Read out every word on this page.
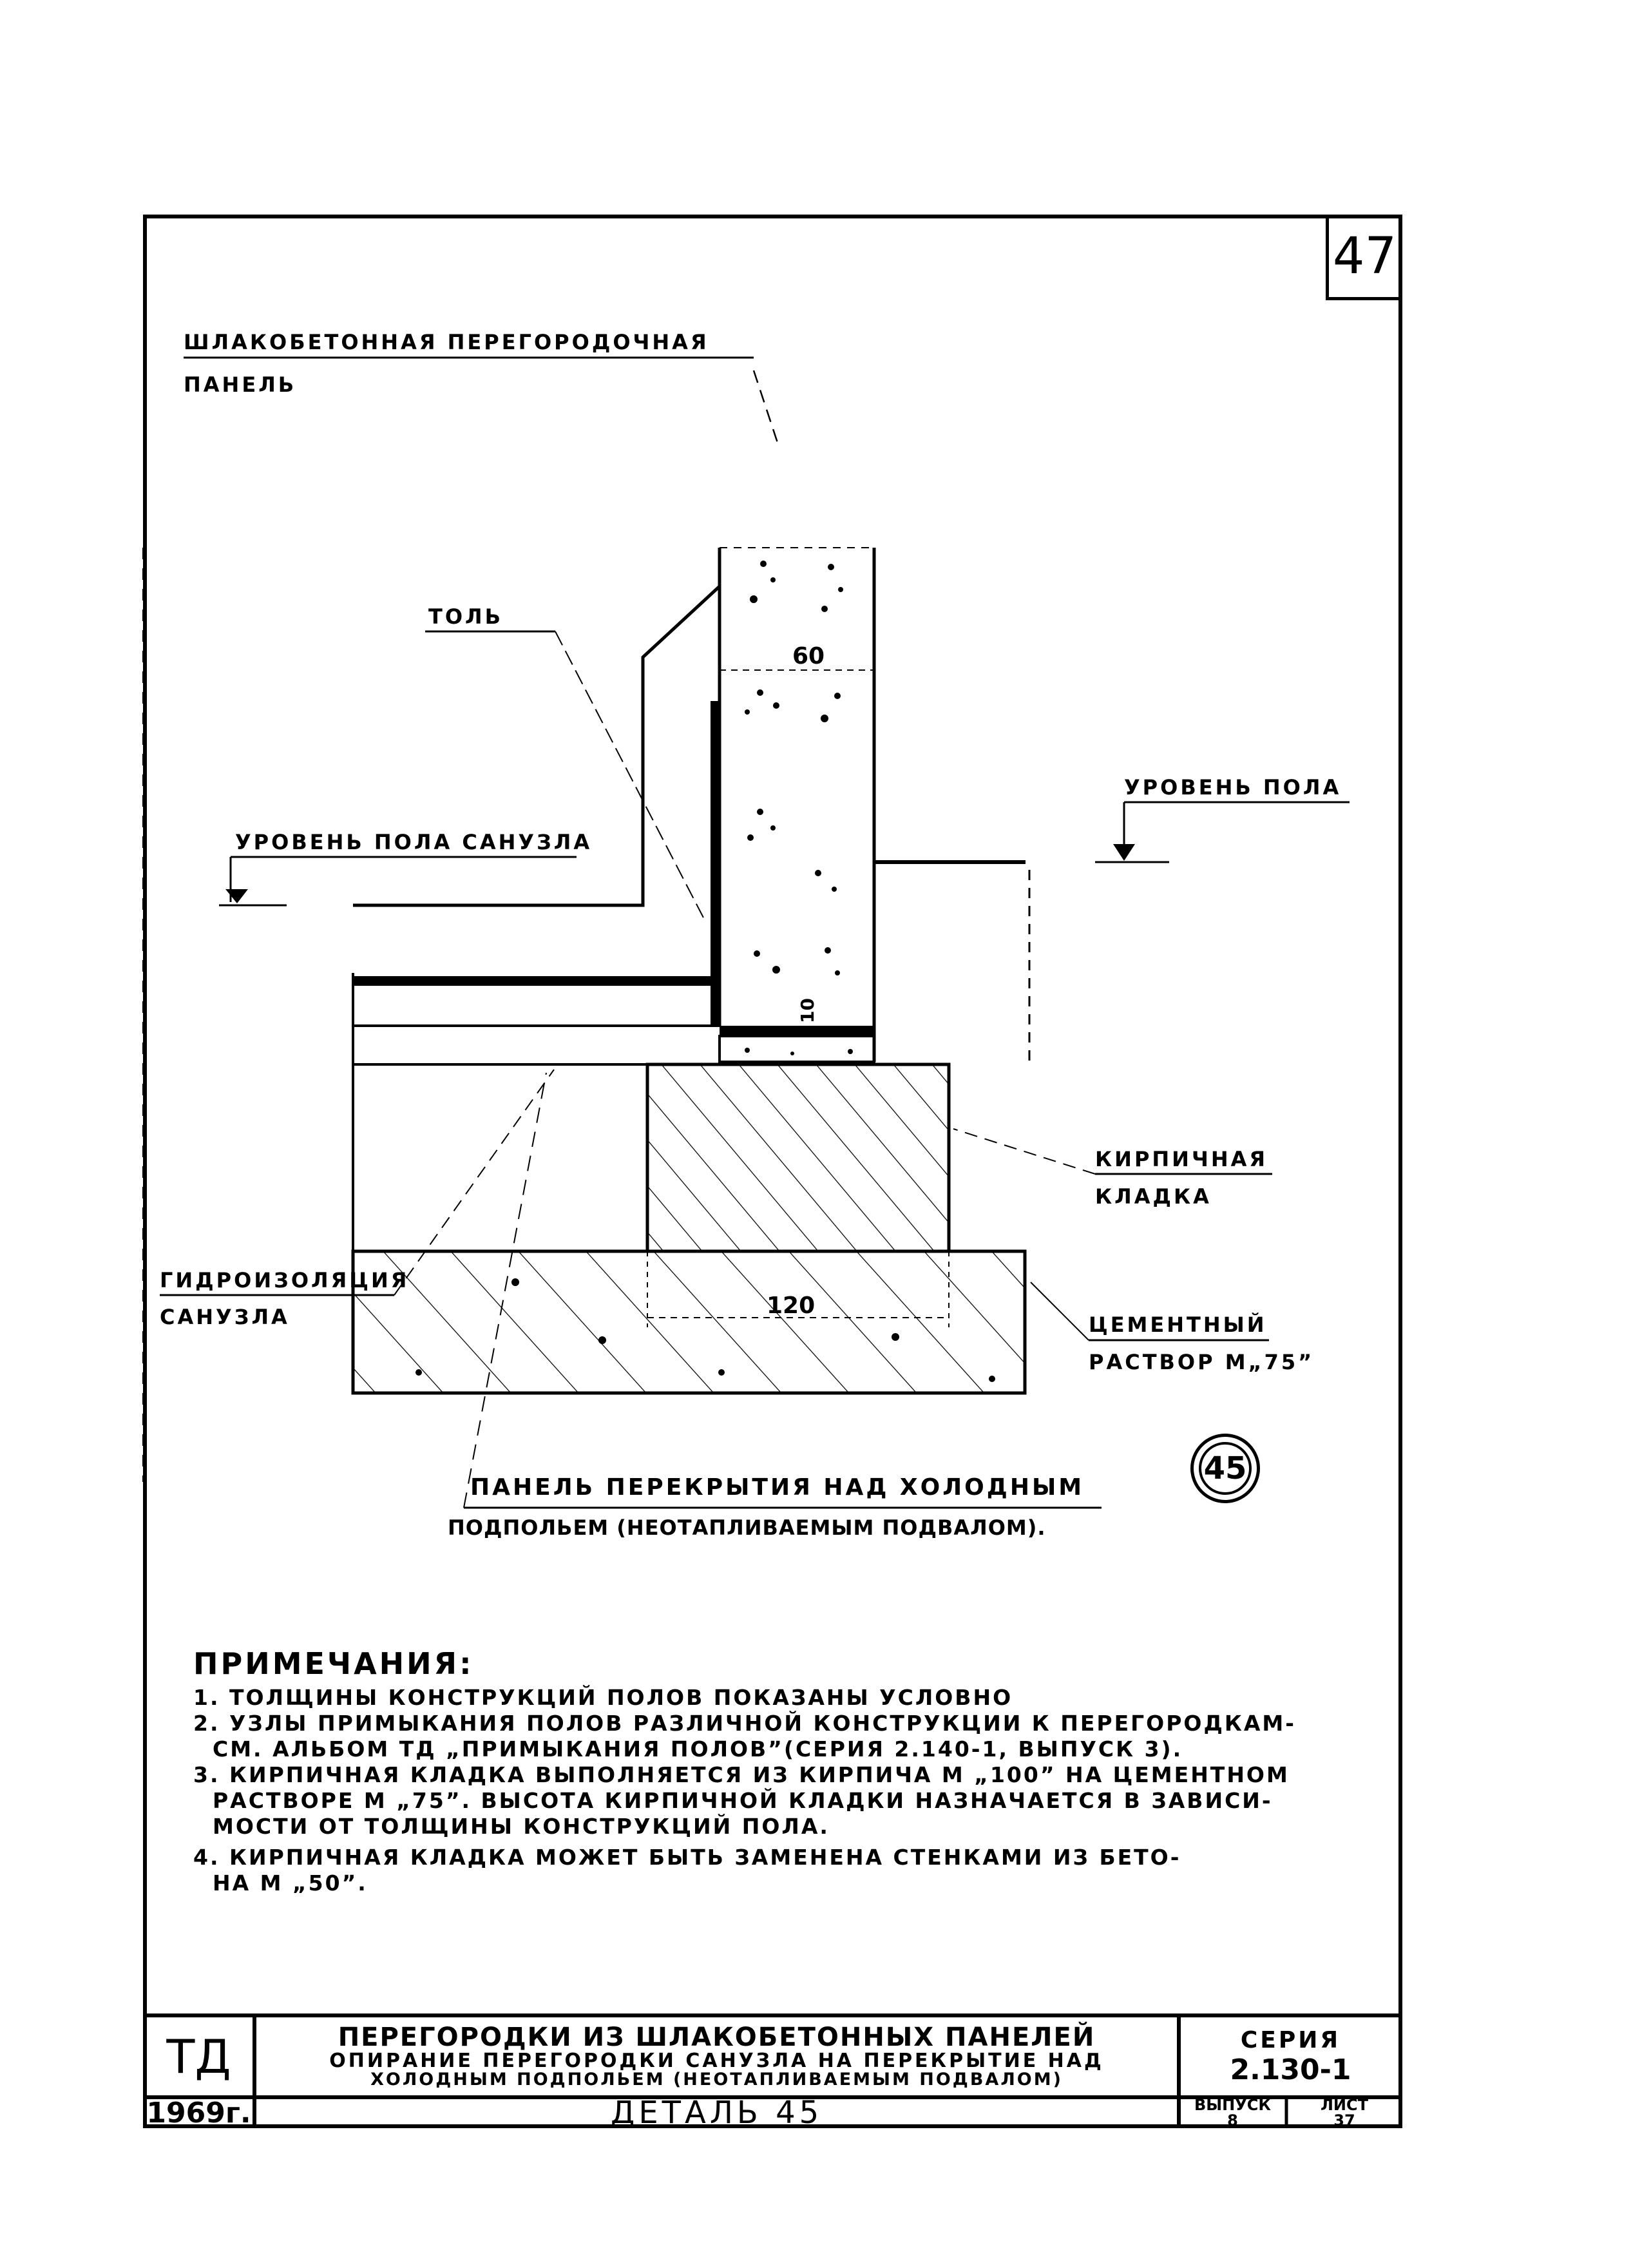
47
60
10
120
ШЛАКОБЕТОННАЯ ПЕРЕГОРОДОЧНАЯ
ПАНЕЛЬ
ТОЛЬ
УРОВЕНЬ ПОЛА
УРОВЕНЬ ПОЛА САНУЗЛА
КИРПИЧНАЯ
КЛАДКА
ГИДРОИЗОЛЯЦИЯ
САНУЗЛА	ЦЕМЕНТНЫЙ
РАСТВОР М„75”
ПАНЕЛЬ ПЕРЕКРЫТИЯ НАД ХОЛОДНЫМ
ПОДПОЛЬЕМ (НЕОТАПЛИВАЕМЫМ ПОДВАЛОМ).
45
ПРИМЕЧАНИЯ:
1. ТОЛЩИНЫ КОНСТРУКЦИЙ ПОЛОВ ПОКАЗАНЫ УСЛОВНО
2. УЗЛЫ ПРИМЫКАНИЯ ПОЛОВ РАЗЛИЧНОЙ КОНСТРУКЦИИ К ПЕРЕГОРОДКАМ-
СМ. АЛЬБОМ ТД „ПРИМЫКАНИЯ ПОЛОВ”(СЕРИЯ 2.140-1, ВЫПУСК 3).
3. КИРПИЧНАЯ КЛАДКА ВЫПОЛНЯЕТСЯ ИЗ КИРПИЧА М „100” НА ЦЕМЕНТНОМ
РАСТВОРЕ М „75”. ВЫСОТА КИРПИЧНОЙ КЛАДКИ НАЗНАЧАЕТСЯ В ЗАВИСИ-
МОСТИ ОТ ТОЛЩИНЫ КОНСТРУКЦИЙ ПОЛА.
4. КИРПИЧНАЯ КЛАДКА МОЖЕТ БЫТЬ ЗАМЕНЕНА СТЕНКАМИ ИЗ БЕТО-
НА М „50”.
ТД
1969г.
ПЕРЕГОРОДКИ ИЗ ШЛАКОБЕТОННЫХ ПАНЕЛЕЙ
ОПИРАНИЕ ПЕРЕГОРОДКИ САНУЗЛА НА ПЕРЕКРЫТИЕ НАД
ХОЛОДНЫМ ПОДПОЛЬЕМ (НЕОТАПЛИВАЕМЫМ ПОДВАЛОМ)
ДЕТАЛЬ 45
СЕРИЯ
2.130-1
ВЫПУСК
8
ЛИСТ
37
